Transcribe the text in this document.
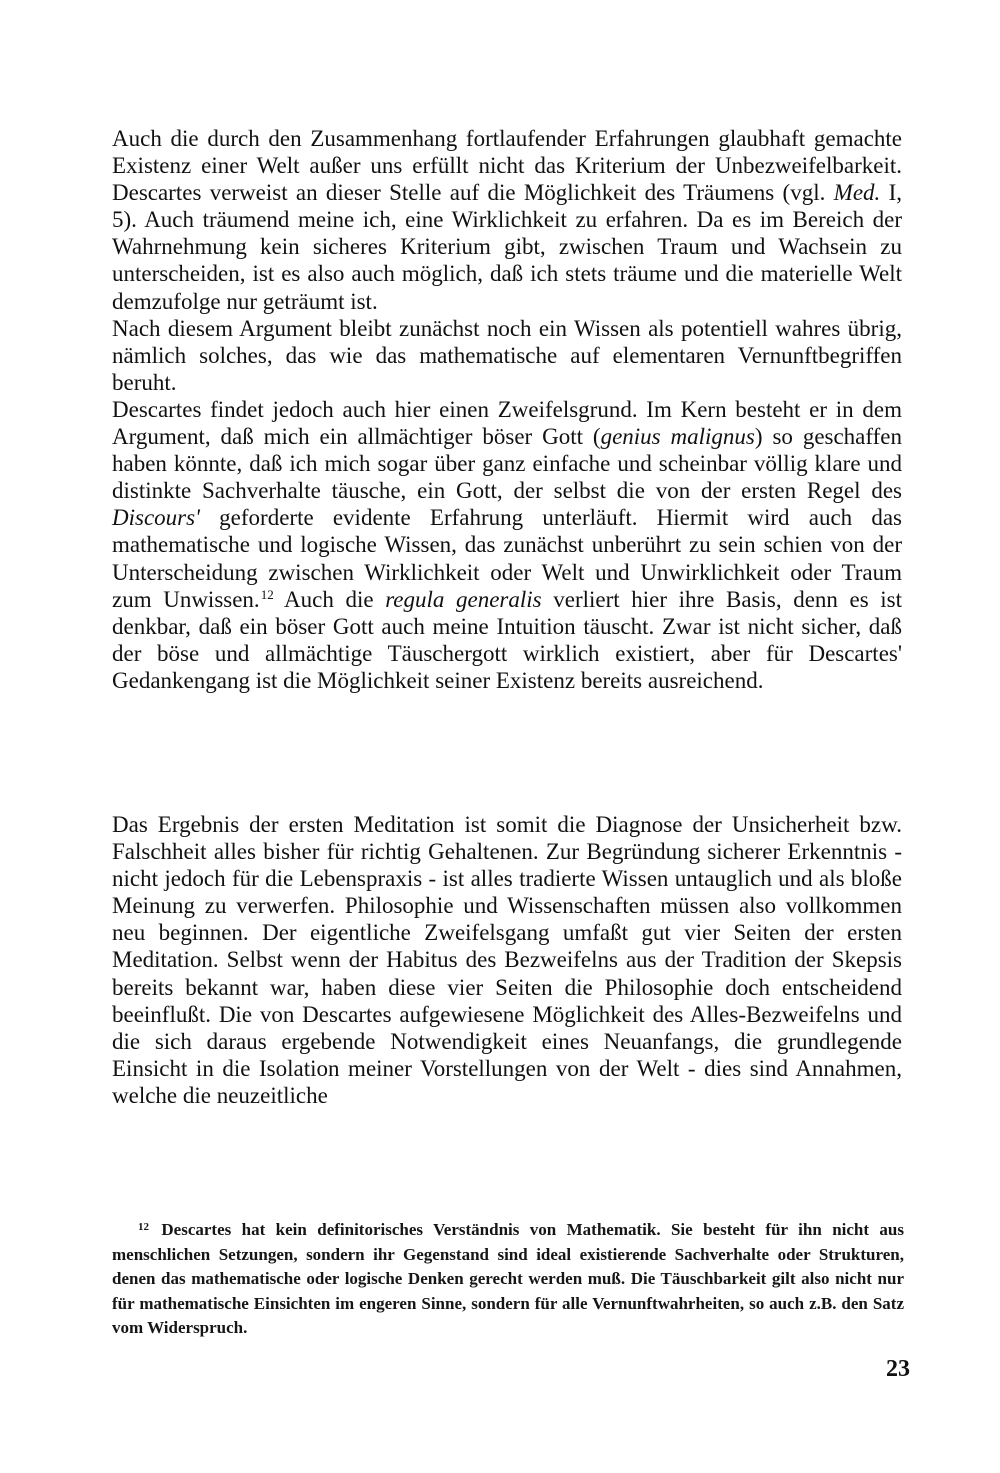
Auch die durch den Zusammenhang fortlaufender Erfahrungen glaubhaft gemachte Existenz einer Welt außer uns erfüllt nicht das Kriterium der Unbezweifelbarkeit. Descartes verweist an dieser Stelle auf die Möglichkeit des Träumens (vgl. Med. I, 5). Auch träumend meine ich, eine Wirklichkeit zu erfahren. Da es im Bereich der Wahrnehmung kein sicheres Kriterium gibt, zwischen Traum und Wachsein zu unterscheiden, ist es also auch möglich, daß ich stets träume und die materielle Welt demzufolge nur geträumt ist.

Nach diesem Argument bleibt zunächst noch ein Wissen als potentiell wahres übrig, nämlich solches, das wie das mathematische auf elementaren Vernunftbegriffen beruht.

Descartes findet jedoch auch hier einen Zweifelsgrund. Im Kern besteht er in dem Argument, daß mich ein allmächtiger böser Gott (genius malignus) so geschaffen haben könnte, daß ich mich sogar über ganz einfache und scheinbar völlig klare und distinkte Sachverhalte täusche, ein Gott, der selbst die von der ersten Regel des Discours' geforderte evidente Erfahrung unterläuft. Hiermit wird auch das mathematische und logische Wissen, das zunächst unberührt zu sein schien von der Unterscheidung zwischen Wirklichkeit oder Welt und Unwirklichkeit oder Traum zum Unwissen.$^{12}$ Auch die regula generalis verliert hier ihre Basis, denn es ist denkbar, daß ein böser Gott auch meine Intuition täuscht. Zwar ist nicht sicher, daß der böse und allmächtige Täuschergott wirklich existiert, aber für Descartes' Gedankengang ist die Möglichkeit seiner Existenz bereits ausreichend.

Das Ergebnis der ersten Meditation ist somit die Diagnose der Unsicherheit bzw. Falschheit alles bisher für richtig Gehaltenen. Zur Begründung sicherer Erkenntnis - nicht jedoch für die Lebenspraxis - ist alles tradierte Wissen untauglich und als bloße Meinung zu verwerfen. Philosophie und Wissenschaften müssen also vollkommen neu beginnen. Der eigentliche Zweifelsgang umfaßt gut vier Seiten der ersten Meditation. Selbst wenn der Habitus des Bezweifelns aus der Tradition der Skepsis bereits bekannt war, haben diese vier Seiten die Philosophie doch entscheidend beeinflußt. Die von Descartes aufgewiesene Möglichkeit des Alles-Bezweifelns und die sich daraus ergebende Notwendigkeit eines Neuanfangs, die grundlegende Einsicht in die Isolation meiner Vorstellungen von der Welt - dies sind Annahmen, welche die neuzeitliche

$^{12}$ Descartes hat kein definitorisches Verständnis von Mathematik. Sie besteht für ihn nicht aus menschlichen Setzungen, sondern ihr Gegenstand sind ideal existierende Sachverhalte oder Strukturen, denen das mathematische oder logische Denken gerecht werden muß. Die Täuschbarkeit gilt also nicht nur für mathematische Einsichten im engeren Sinne, sondern für alle Vernunftwahrheiten, so auch z.B. den Satz vom Widerspruch.

23
